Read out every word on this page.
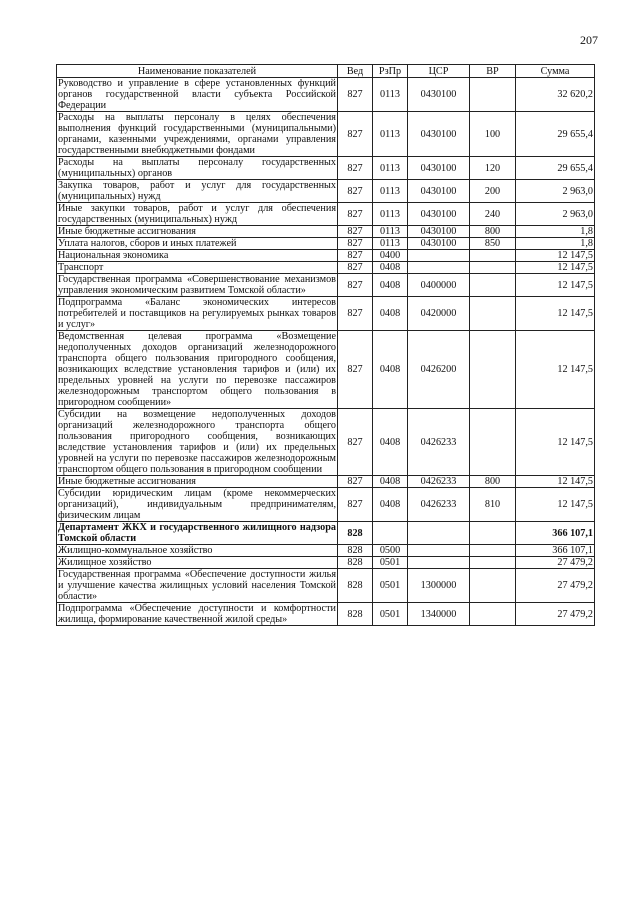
207
Наименование показателей	Вед	РзПр	ЦСР	ВР	Сумма
Руководство и управление в сфере установленных функций органов государственной власти субъекта Российской Федерации	827	0113	0430100		32 620,2
Расходы на выплаты персоналу в целях обеспечения выполнения функций государственными (муниципальными) органами, казенными учреждениями, органами управления государственными внебюджетными фондами	827	0113	0430100	100	29 655,4
Расходы на выплаты персоналу государственных (муниципальных) органов	827	0113	0430100	120	29 655,4
Закупка товаров, работ и услуг для государственных (муниципальных) нужд	827	0113	0430100	200	2 963,0
Иные закупки товаров, работ и услуг для обеспечения государственных (муниципальных) нужд	827	0113	0430100	240	2 963,0
Иные бюджетные ассигнования	827	0113	0430100	800	1,8
Уплата налогов, сборов и иных платежей	827	0113	0430100	850	1,8
Национальная экономика	827	0400			12 147,5
Транспорт	827	0408			12 147,5
Государственная программа «Совершенствование механизмов управления экономическим развитием Томской области»	827	0408	0400000		12 147,5
Подпрограмма «Баланс экономических интересов потребителей и поставщиков на регулируемых рынках товаров и услуг»	827	0408	0420000		12 147,5
Ведомственная целевая программа «Возмещение недополученных доходов организаций железнодорожного транспорта общего пользования пригородного сообщения, возникающих вследствие установления тарифов и (или) их предельных уровней на услуги по перевозке пассажиров железнодорожным транспортом общего пользования в пригородном сообщении»	827	0408	0426200		12 147,5
Субсидии на возмещение недополученных доходов организаций железнодорожного транспорта общего пользования пригородного сообщения, возникающих вследствие установления тарифов и (или) их предельных уровней на услуги по перевозке пассажиров железнодорожным транспортом общего пользования в пригородном сообщении	827	0408	0426233		12 147,5
Иные бюджетные ассигнования	827	0408	0426233	800	12 147,5
Субсидии юридическим лицам (кроме некоммерческих организаций), индивидуальным предпринимателям, физическим лицам	827	0408	0426233	810	12 147,5
Департамент ЖКХ и государственного жилищного надзора Томской области	828				366 107,1
Жилищно-коммунальное хозяйство	828	0500			366 107,1
Жилищное хозяйство	828	0501			27 479,2
Государственная программа «Обеспечение доступности жилья и улучшение качества жилищных условий населения Томской области»	828	0501	1300000		27 479,2
Подпрограмма «Обеспечение доступности и комфортности жилища, формирование качественной жилой среды»	828	0501	1340000		27 479,2
